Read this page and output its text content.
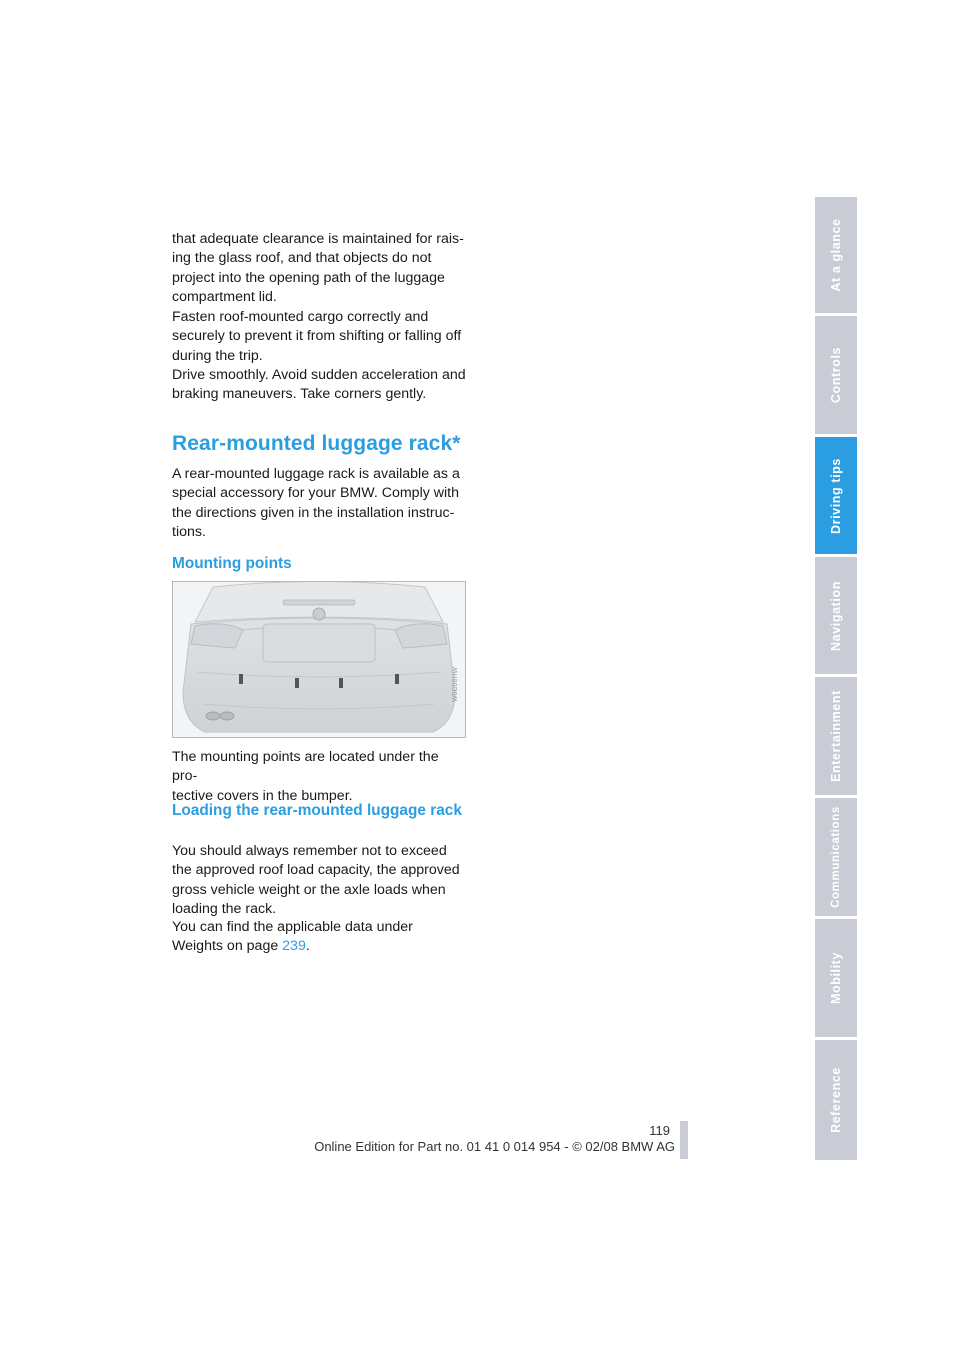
that adequate clearance is maintained for rais-
ing the glass roof, and that objects do not
project into the opening path of the luggage
compartment lid.

Fasten roof-mounted cargo correctly and securely to prevent it from shifting or falling off during the trip.

Drive smoothly. Avoid sudden acceleration and braking maneuvers. Take corners gently.

Rear-mounted luggage rack*

A rear-mounted luggage rack is available as a special accessory for your BMW. Comply with the directions given in the installation instruc-
tions.

Mounting points
W0C08HW

The mounting points are located under the pro-
tective covers in the bumper.

Loading the rear-mounted luggage rack

You should always remember not to exceed the approved roof load capacity, the approved gross vehicle weight or the axle loads when loading the rack.

You can find the applicable data under Weights on page 239.

At a glance
Controls
Driving tips
Navigation
Entertainment
Communications
Mobility
Reference
119
Online Edition for Part no. 01 41 0 014 954 - © 02/08 BMW AG
